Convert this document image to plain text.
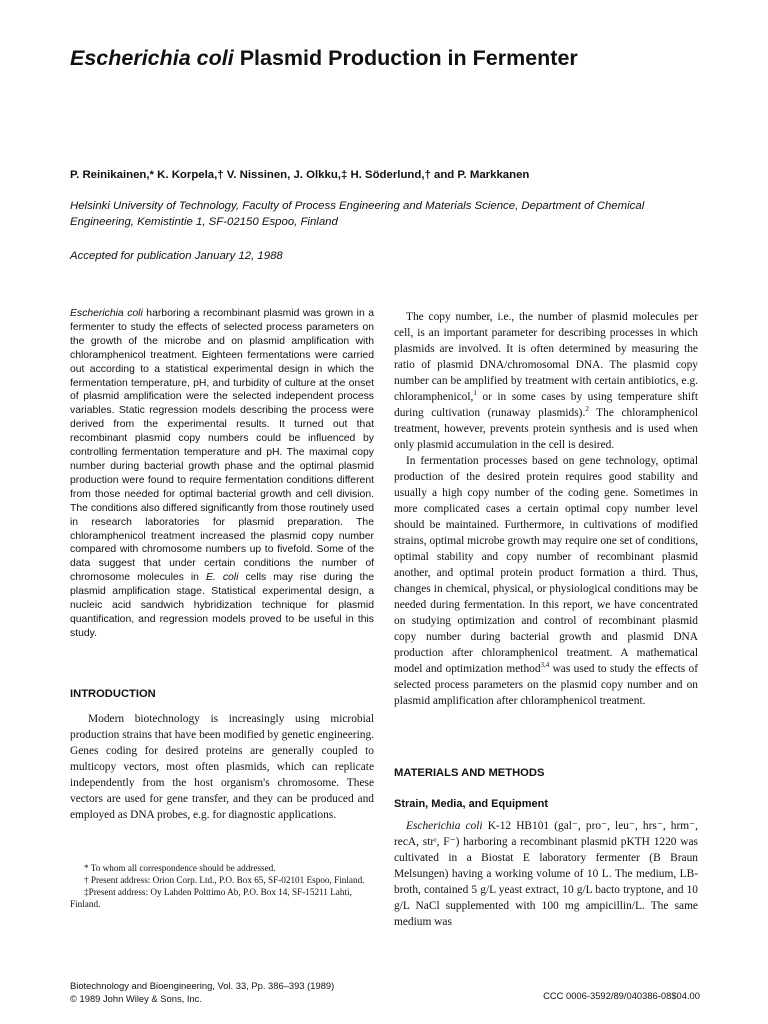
Escherichia coli Plasmid Production in Fermenter
P. Reinikainen,* K. Korpela,† V. Nissinen, J. Olkku,‡ H. Söderlund,† and P. Markkanen
Helsinki University of Technology, Faculty of Process Engineering and Materials Science, Department of Chemical Engineering, Kemistintie 1, SF-02150 Espoo, Finland
Accepted for publication January 12, 1988
Escherichia coli harboring a recombinant plasmid was grown in a fermenter to study the effects of selected process parameters on the growth of the microbe and on plasmid amplification with chloramphenicol treatment. Eighteen fermentations were carried out according to a statistical experimental design in which the fermentation temperature, pH, and turbidity of culture at the onset of plasmid amplification were the selected independent process variables. Static regression models describing the process were derived from the experimental results. It turned out that recombinant plasmid copy numbers could be influenced by controlling fermentation temperature and pH. The maximal copy number during bacterial growth phase and the optimal plasmid production were found to require fermentation conditions different from those needed for optimal bacterial growth and cell division. The conditions also differed significantly from those routinely used in research laboratories for plasmid preparation. The chloramphenicol treatment increased the plasmid copy number compared with chromosome numbers up to fivefold. Some of the data suggest that under certain conditions the number of chromosome molecules in E. coli cells may rise during the plasmid amplification stage. Statistical experimental design, a nucleic acid sandwich hybridization technique for plasmid quantification, and regression models proved to be useful in this study.
INTRODUCTION

Modern biotechnology is increasingly using microbial production strains that have been modified by genetic engineering. Genes coding for desired proteins are generally coupled to multicopy vectors, most often plasmids, which can replicate independently from the host organism's chromosome. These vectors are used for gene transfer, and they can be produced and employed as DNA probes, e.g. for diagnostic applications.

* To whom all correspondence should be addressed.

† Present address: Orion Corp. Ltd., P.O. Box 65, SF-02101 Espoo, Finland.

‡Present address: Oy Lahden Polttimo Ab, P.O. Box 14, SF-15211 Lahti, Finland.

Biotechnology and Bioengineering, Vol. 33, Pp. 386–393 (1989)
© 1989 John Wiley & Sons, Inc.	CCC 0006-3592/89/040386-08$04.00

The copy number, i.e., the number of plasmid molecules per cell, is an important parameter for describing processes in which plasmids are involved. It is often determined by measuring the ratio of plasmid DNA/chromosomal DNA. The plasmid copy number can be amplified by treatment with certain antibiotics, e.g. chloramphenicol,$^1$ or in some cases by using temperature shift during cultivation (runaway plasmids).$^2$ The chloramphenicol treatment, however, prevents protein synthesis and is used when only plasmid accumulation in the cell is desired.

In fermentation processes based on gene technology, optimal production of the desired protein requires good stability and usually a high copy number of the coding gene. Sometimes in more complicated cases a certain optimal copy number level should be maintained. Furthermore, in cultivations of modified strains, optimal microbe growth may require one set of conditions, optimal stability and copy number of recombinant plasmid another, and optimal protein product formation a third. Thus, changes in chemical, physical, or physiological conditions may be needed during fermentation. In this report, we have concentrated on studying optimization and control of recombinant plasmid copy number during bacterial growth and plasmid DNA production after chloramphenicol treatment. A mathematical model and optimization method$^{3,4}$ was used to study the effects of selected process parameters on the plasmid copy number and on plasmid amplification after chloramphenicol treatment.

MATERIALS AND METHODS
Strain, Media, and Equipment

Escherichia coli K-12 HB101 (gal⁻, pro⁻, leu⁻, hrs⁻, hrm⁻, recA, strʳ, F⁻) harboring a recombinant plasmid pKTH 1220 was cultivated in a Biostat E laboratory fermenter (B Braun Melsungen) having a working volume of 10 L. The medium, LB-broth, contained 5 g/L yeast extract, 10 g/L bacto tryptone, and 10 g/L NaCl supplemented with 100 mg ampicillin/L. The same medium was
